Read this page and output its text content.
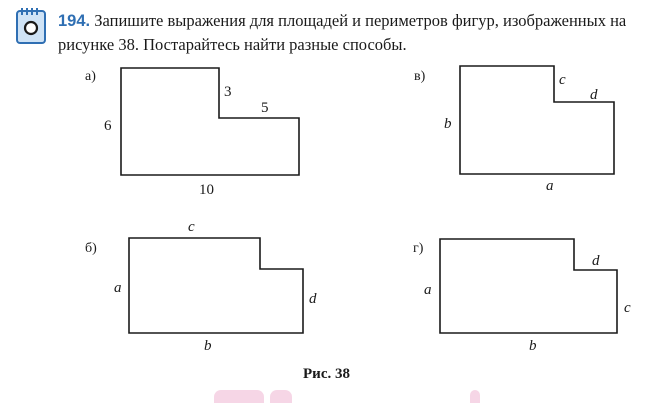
194. Запишите выражения для площадей и периметров фигур, изображенных на рисунке 38. Постарайтесь найти разные способы.
а)
6
3
5
10
в)	c
d
b
a
б)
c
a
d
b
г)
a
d
c
b
Рис. 38
